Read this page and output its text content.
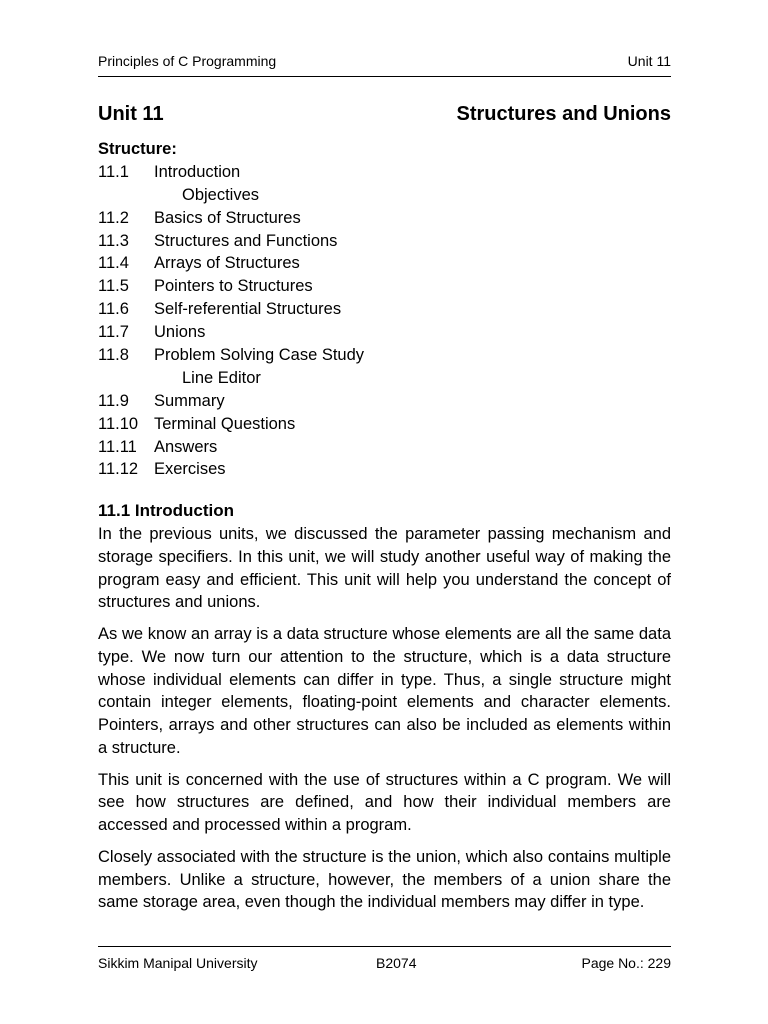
Principles of C Programming	Unit 11
Unit 11	Structures and Unions
Structure:
11.1 Introduction
Objectives
11.2 Basics of Structures
11.3 Structures and Functions
11.4 Arrays of Structures
11.5 Pointers to Structures
11.6 Self-referential Structures
11.7 Unions
11.8 Problem Solving Case Study
Line Editor
11.9 Summary
11.10 Terminal Questions
11.11 Answers
11.12 Exercises
11.1 Introduction

In the previous units, we discussed the parameter passing mechanism and storage specifiers. In this unit, we will study another useful way of making the program easy and efficient. This unit will help you understand the concept of structures and unions.

As we know an array is a data structure whose elements are all the same data type. We now turn our attention to the structure, which is a data structure whose individual elements can differ in type. Thus, a single structure might contain integer elements, floating-point elements and character elements. Pointers, arrays and other structures can also be included as elements within a structure.

This unit is concerned with the use of structures within a C program. We will see how structures are defined, and how their individual members are accessed and processed within a program.

Closely associated with the structure is the union, which also contains multiple members. Unlike a structure, however, the members of a union share the same storage area, even though the individual members may differ in type.

Sikkim Manipal University	B2074	Page No.: 229
